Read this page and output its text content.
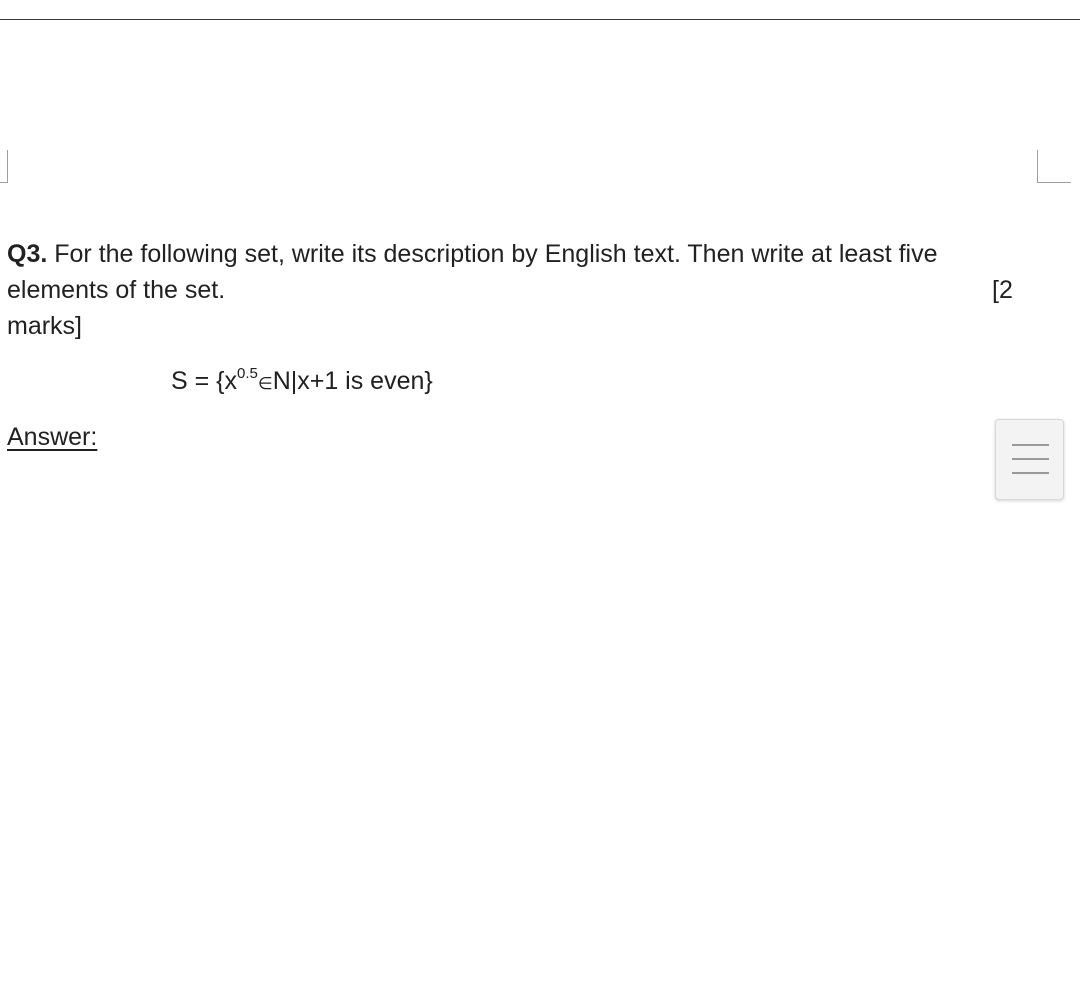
Q3. For the following set, write its description by English text. Then write at least five
elements of the set.	[2
marks]
$S = \{x^{0.5}\in N|x+1$ is even}
Answer:
